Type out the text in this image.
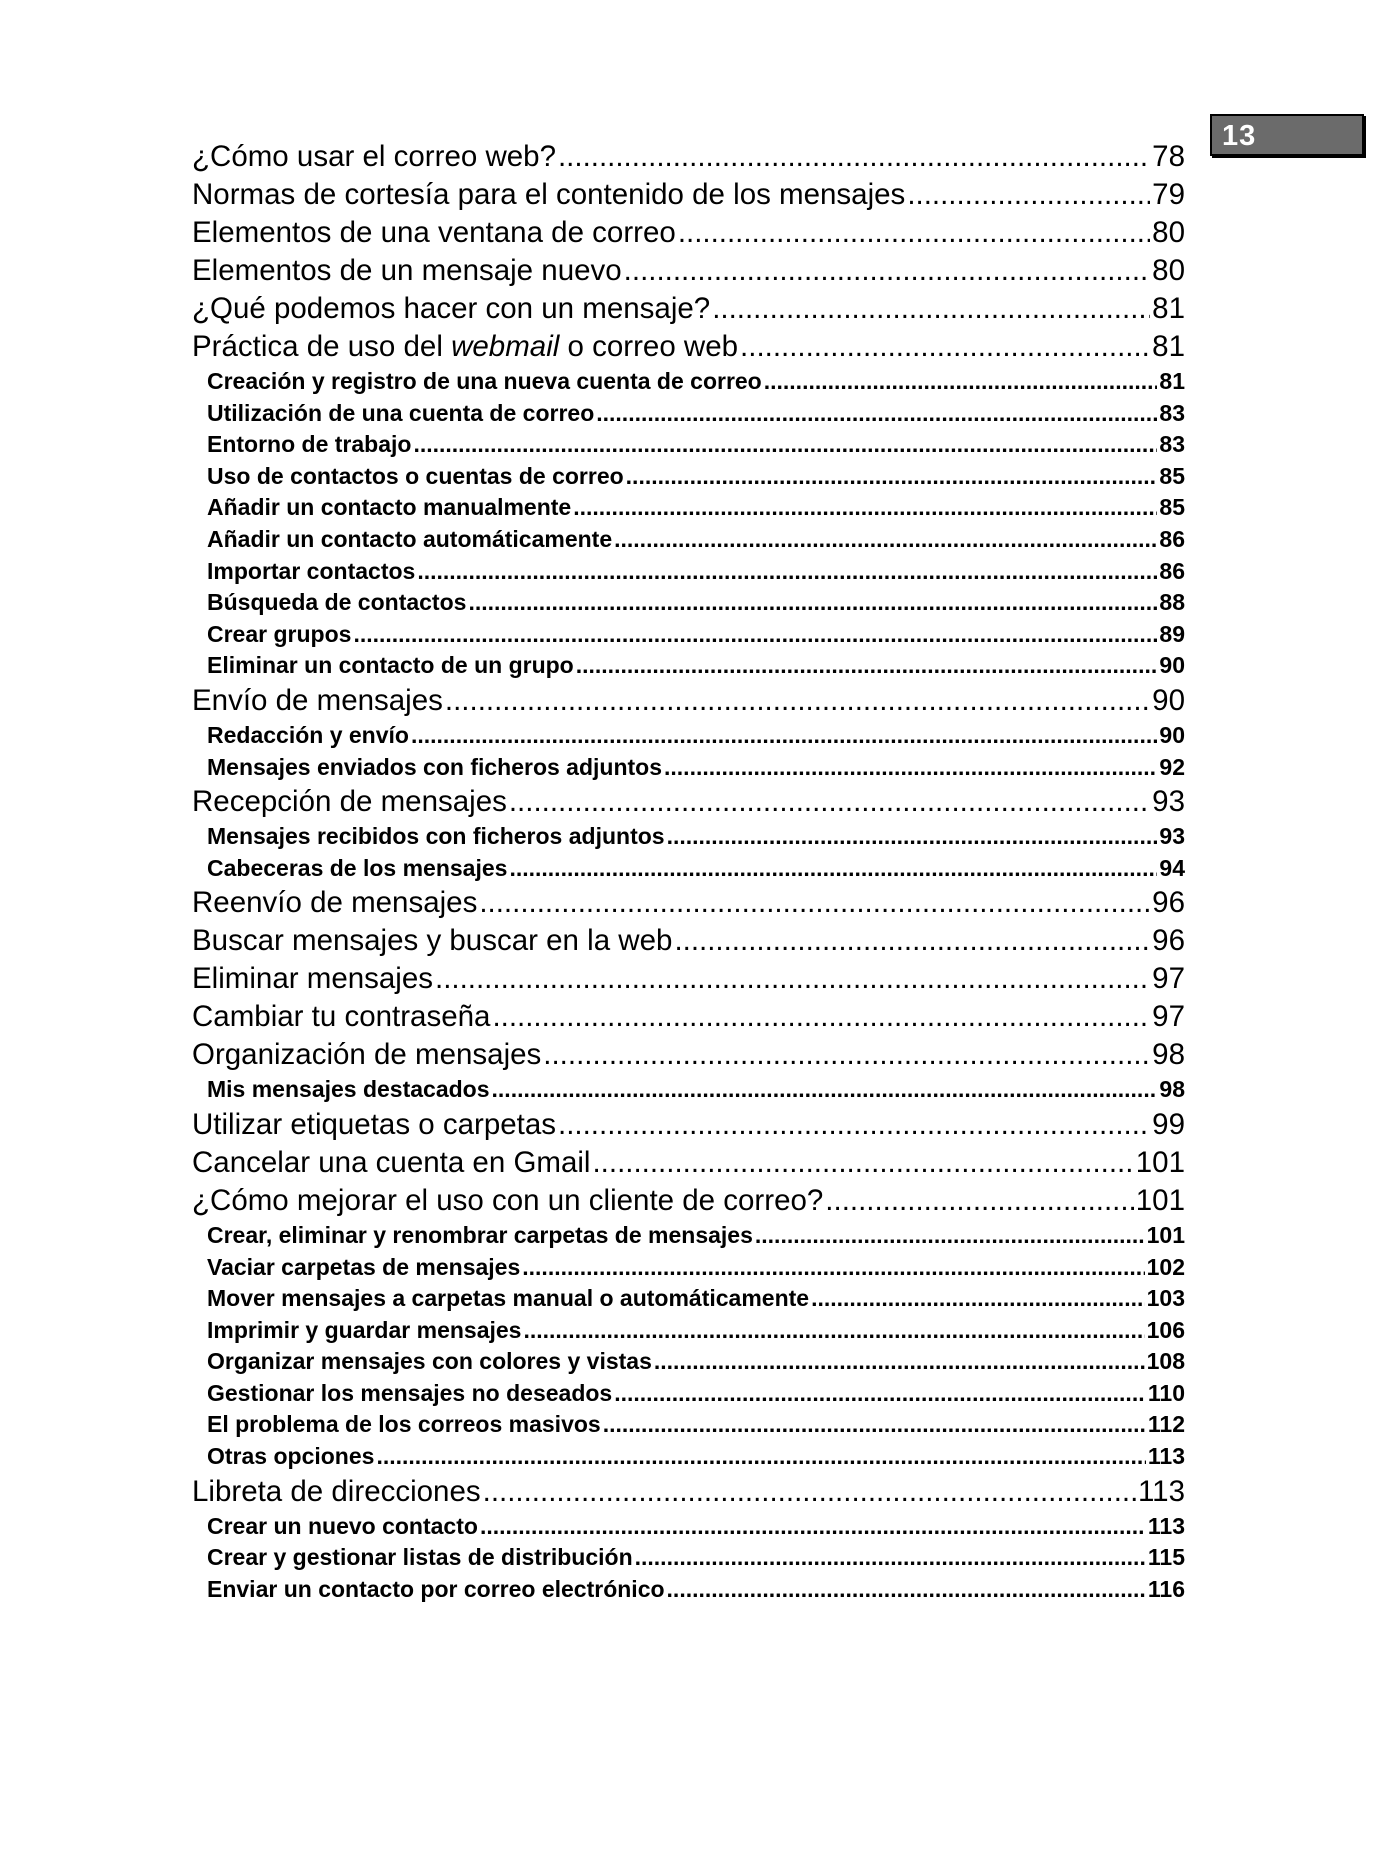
13
¿Cómo usar el correo web? .....	78
Normas de cortesía para el contenido de los mensajes .....	79
Elementos de una ventana de correo .....	80
Elementos de un mensaje nuevo .....	80
¿Qué podemos hacer con un mensaje? .....	81
Práctica de uso del webmail o correo web .....	81
Creación y registro de una nueva cuenta de correo .....	81
Utilización de una cuenta de correo .....	83
Entorno de trabajo .....	83
Uso de contactos o cuentas de correo .....	85
Añadir un contacto manualmente .....	85
Añadir un contacto automáticamente .....	86
Importar contactos .....	86
Búsqueda de contactos .....	88
Crear grupos .....	89
Eliminar un contacto de un grupo .....	90
Envío de mensajes .....	90
Redacción y envío .....	90
Mensajes enviados con ficheros adjuntos .....	92
Recepción de mensajes .....	93
Mensajes recibidos con ficheros adjuntos .....	93
Cabeceras de los mensajes .....	94
Reenvío de mensajes .....	96
Buscar mensajes y buscar en la web .....	96
Eliminar mensajes .....	97
Cambiar tu contraseña .....	97
Organización de mensajes .....	98
Mis mensajes destacados .....	98
Utilizar etiquetas o carpetas .....	99
Cancelar una cuenta en Gmail .....	101
¿Cómo mejorar el uso con un cliente de correo? .....	101
Crear, eliminar y renombrar carpetas de mensajes .....	101
Vaciar carpetas de mensajes .....	102
Mover mensajes a carpetas manual o automáticamente .....	103
Imprimir y guardar mensajes .....	106
Organizar mensajes con colores y vistas .....	108
Gestionar los mensajes no deseados .....	110
El problema de los correos masivos .....	112
Otras opciones .....	113
Libreta de direcciones .....	113
Crear un nuevo contacto .....	113
Crear y gestionar listas de distribución .....	115
Enviar un contacto por correo electrónico .....	116
